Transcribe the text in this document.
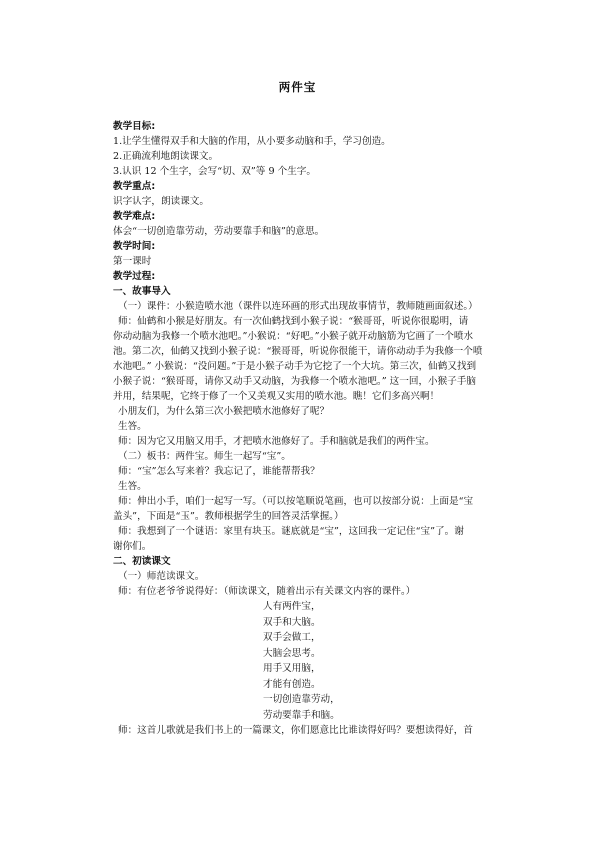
两件宝
教学目标:
1.让学生懂得双手和大脑的作用，从小要多动脑和手，学习创造。
2.正确流利地朗读课文。
3.认识 12 个生字，会写“切、双”等 9 个生字。
教学重点:
识字认字，朗读课文。
教学难点:
体会“一切创造靠劳动，劳动要靠手和脑”的意思。
教学时间:
第一课时
教学过程:
一、故事导入
（一）课件：小猴造喷水池（课件以连环画的形式出现故事情节，教师随画面叙述。）
师：仙鹤和小猴是好朋友。有一次仙鹤找到小猴子说：“猴哥哥，听说你很聪明，请
你动动脑为我修一个喷水池吧。”小猴说：“好吧。”小猴子就开动脑筋为它画了一个喷水
池。第二次，仙鹤又找到小猴子说：“猴哥哥，听说你很能干，请你动动手为我修一个喷
水池吧。” 小猴说：“没问题。”于是小猴子动手为它挖了一个大坑。第三次，仙鹤又找到
小猴子说：“猴哥哥，请你又动手又动脑，为我修一个喷水池吧。” 这一回，小猴子手脑
并用，结果呢，它终于修了一个又美观又实用的喷水池。瞧！它们多高兴啊！
小朋友们，为什么第三次小猴把喷水池修好了呢？
生答。
师：因为它又用脑又用手，才把喷水池修好了。手和脑就是我们的两件宝。
（二）板书：两件宝。师生一起写“宝”。
师：“宝”怎么写来着？我忘记了，谁能帮帮我？
生答。
师：伸出小手，咱们一起写一写。（可以按笔顺说笔画，也可以按部分说：上面是“宝
盖头”，下面是“玉”。教师根据学生的回答灵活掌握。）
师：我想到了一个谜语：家里有块玉。谜底就是“宝”，这回我一定记住“宝”了。谢
谢你们。
二、初读课文
（一）师范读课文。
师：有位老爷爷说得好：（师读课文，随着出示有关课文内容的课件。）
人有两件宝，
双手和大脑。
双手会做工，
大脑会思考。
用手又用脑，
才能有创造。
一切创造靠劳动，
劳动要靠手和脑。
师：这首儿歌就是我们书上的一篇课文，你们愿意比比谁读得好吗？要想读得好，首
